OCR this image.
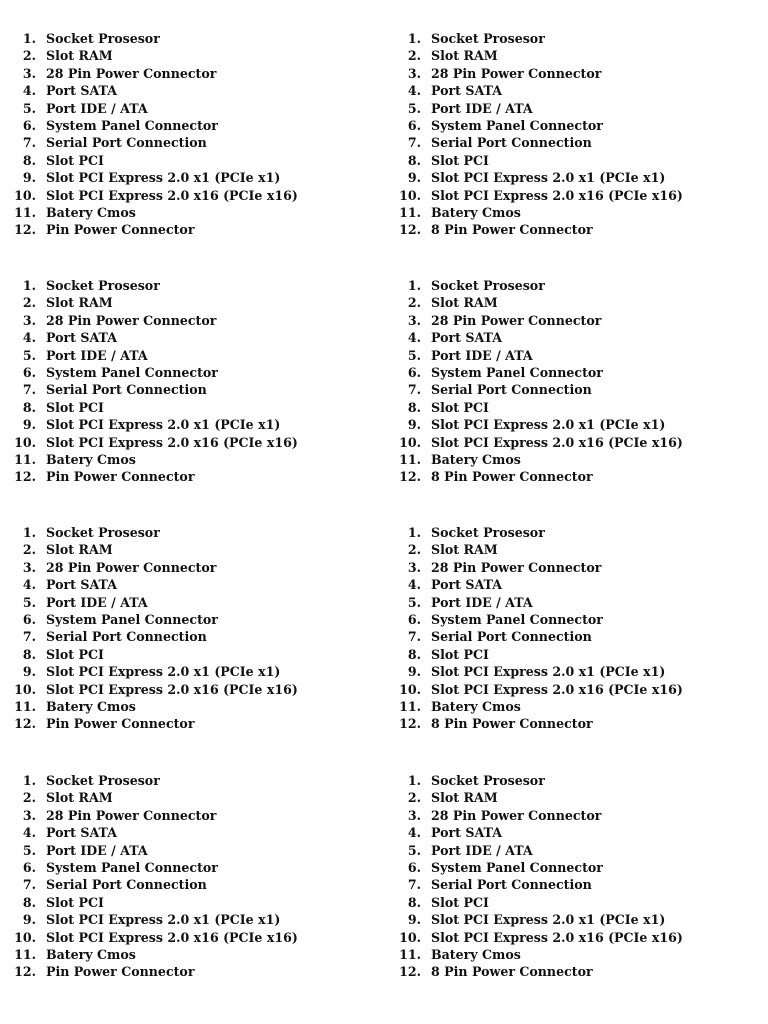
1. Socket Prosesor
2. Slot RAM
3. 28 Pin Power Connector
4. Port SATA
5. Port IDE / ATA
6. System Panel Connector
7. Serial Port Connection
8. Slot PCI
9. Slot PCI Express 2.0 x1 (PCIe x1)
10. Slot PCI Express 2.0 x16 (PCIe x16)
11. Batery Cmos
12. Pin Power Connector
1. Socket Prosesor
2. Slot RAM
3. 28 Pin Power Connector
4. Port SATA
5. Port IDE / ATA
6. System Panel Connector
7. Serial Port Connection
8. Slot PCI
9. Slot PCI Express 2.0 x1 (PCIe x1)
10. Slot PCI Express 2.0 x16 (PCIe x16)
11. Batery Cmos
12. 8 Pin Power Connector
1. Socket Prosesor
2. Slot RAM
3. 28 Pin Power Connector
4. Port SATA
5. Port IDE / ATA
6. System Panel Connector
7. Serial Port Connection
8. Slot PCI
9. Slot PCI Express 2.0 x1 (PCIe x1)
10. Slot PCI Express 2.0 x16 (PCIe x16)
11. Batery Cmos
12. Pin Power Connector
1. Socket Prosesor
2. Slot RAM
3. 28 Pin Power Connector
4. Port SATA
5. Port IDE / ATA
6. System Panel Connector
7. Serial Port Connection
8. Slot PCI
9. Slot PCI Express 2.0 x1 (PCIe x1)
10. Slot PCI Express 2.0 x16 (PCIe x16)
11. Batery Cmos
12. 8 Pin Power Connector
1. Socket Prosesor
2. Slot RAM
3. 28 Pin Power Connector
4. Port SATA
5. Port IDE / ATA
6. System Panel Connector
7. Serial Port Connection
8. Slot PCI
9. Slot PCI Express 2.0 x1 (PCIe x1)
10. Slot PCI Express 2.0 x16 (PCIe x16)
11. Batery Cmos
12. Pin Power Connector
1. Socket Prosesor
2. Slot RAM
3. 28 Pin Power Connector
4. Port SATA
5. Port IDE / ATA
6. System Panel Connector
7. Serial Port Connection
8. Slot PCI
9. Slot PCI Express 2.0 x1 (PCIe x1)
10. Slot PCI Express 2.0 x16 (PCIe x16)
11. Batery Cmos
12. 8 Pin Power Connector
1. Socket Prosesor
2. Slot RAM
3. 28 Pin Power Connector
4. Port SATA
5. Port IDE / ATA
6. System Panel Connector
7. Serial Port Connection
8. Slot PCI
9. Slot PCI Express 2.0 x1 (PCIe x1)
10. Slot PCI Express 2.0 x16 (PCIe x16)
11. Batery Cmos
12. Pin Power Connector
1. Socket Prosesor
2. Slot RAM
3. 28 Pin Power Connector
4. Port SATA
5. Port IDE / ATA
6. System Panel Connector
7. Serial Port Connection
8. Slot PCI
9. Slot PCI Express 2.0 x1 (PCIe x1)
10. Slot PCI Express 2.0 x16 (PCIe x16)
11. Batery Cmos
12. 8 Pin Power Connector
